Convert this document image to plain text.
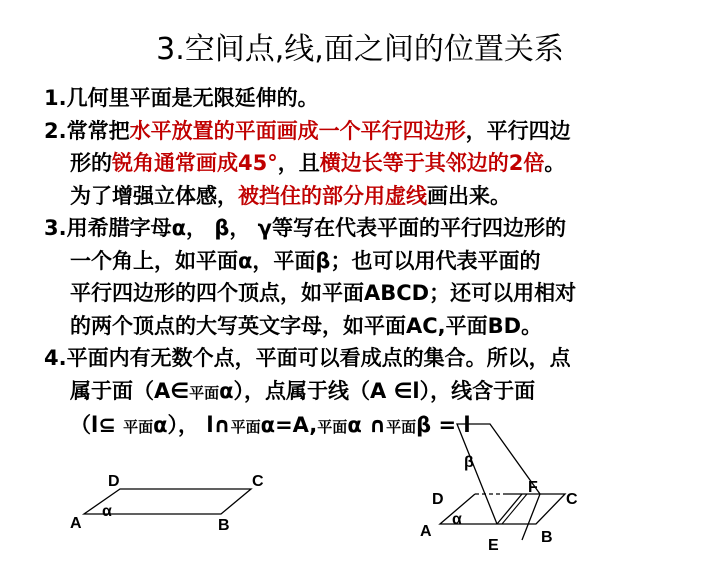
3.空间点,线,面之间的位置关系

1.几何里平面是无限延伸的。

2.常常把水平放置的平面画成一个平行四边形，平行四边

形的锐角通常画成45°，且横边长等于其邻边的2倍。

为了增强立体感，被挡住的部分用虚线画出来。

3.用希腊字母α， β， γ等写在代表平面的平行四边形的

一个角上，如平面α，平面β；也可以用代表平面的

平行四边形的四个顶点，如平面ABCD；还可以用相对

的两个顶点的大写英文字母，如平面AC,平面BD。

4.平面内有无数个点，平面可以看成点的集合。所以，点

属于面（A∈平面α），点属于线（A ∈l），线含于面

（l⊆ 平面α）， l∩平面α=A,平面α ∩平面β = l

D	C
A	B
α
β
D
F
C
α
A
E	B
